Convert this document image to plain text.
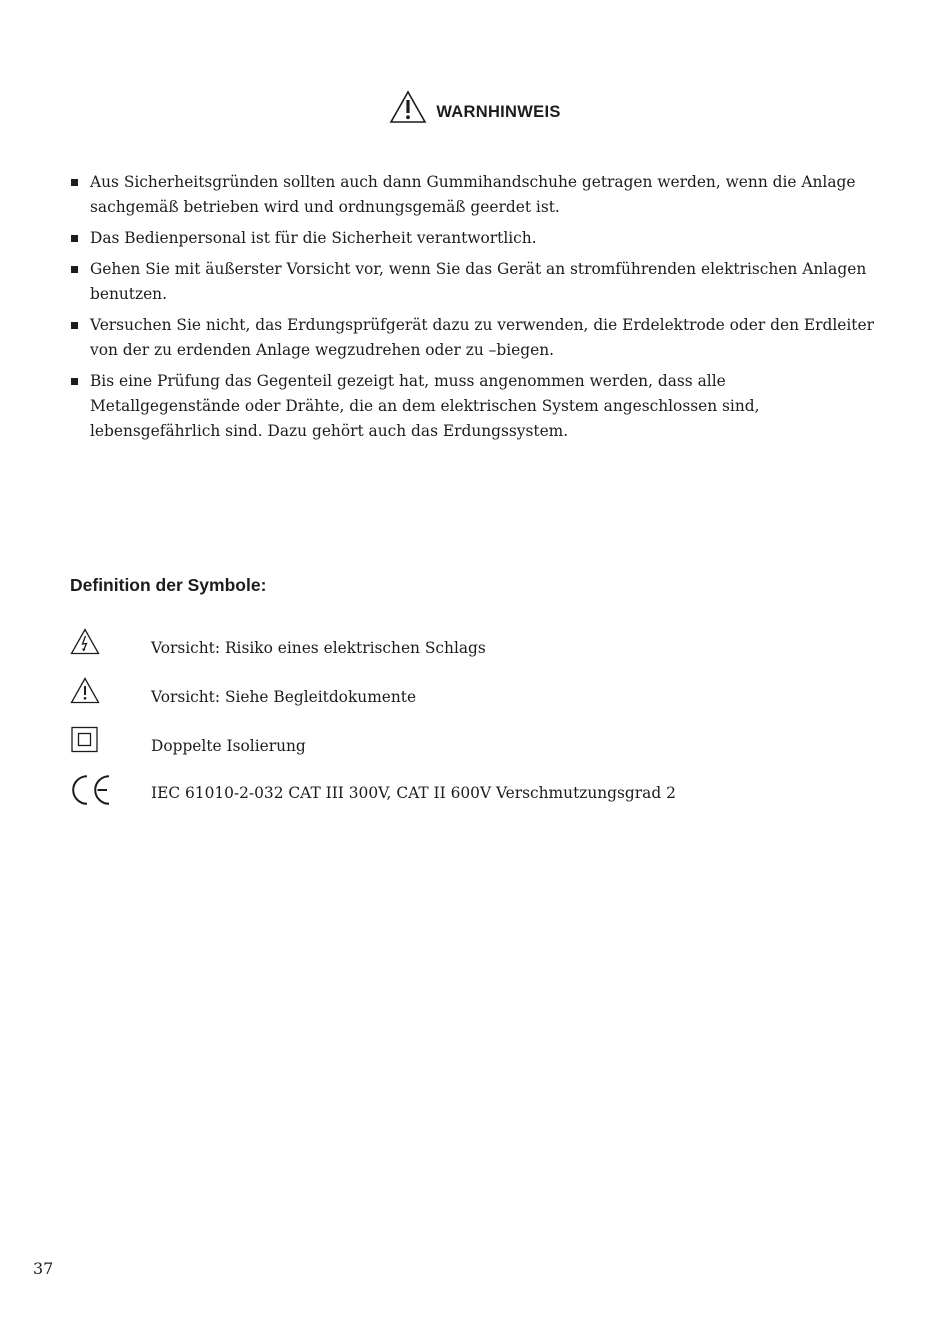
WARNHINWEIS
Aus Sicherheitsgründen sollten auch dann Gummihandschuhe getragen werden, wenn die Anlage sachgemäß betrieben wird und ordnungsgemäß geerdet ist.
Das Bedienpersonal ist für die Sicherheit verantwortlich.
Gehen Sie mit äußerster Vorsicht vor, wenn Sie das Gerät an stromführenden elektrischen Anlagen benutzen.
Versuchen Sie nicht, das Erdungsprüfgerät dazu zu verwenden, die Erdelektrode oder den Erdleiter von der zu erdenden Anlage wegzudrehen oder zu –biegen.
Bis eine Prüfung das Gegenteil gezeigt hat, muss angenommen werden, dass alle Metallgegenstände oder Drähte, die an dem elektrischen System angeschlossen sind, lebensgefährlich sind. Dazu gehört auch das Erdungssystem.
Definition der Symbole:
Vorsicht: Risiko eines elektrischen Schlags
Vorsicht: Siehe Begleitdokumente
Doppelte Isolierung
IEC 61010-2-032 CAT III 300V, CAT II 600V Verschmutzungsgrad 2
37
